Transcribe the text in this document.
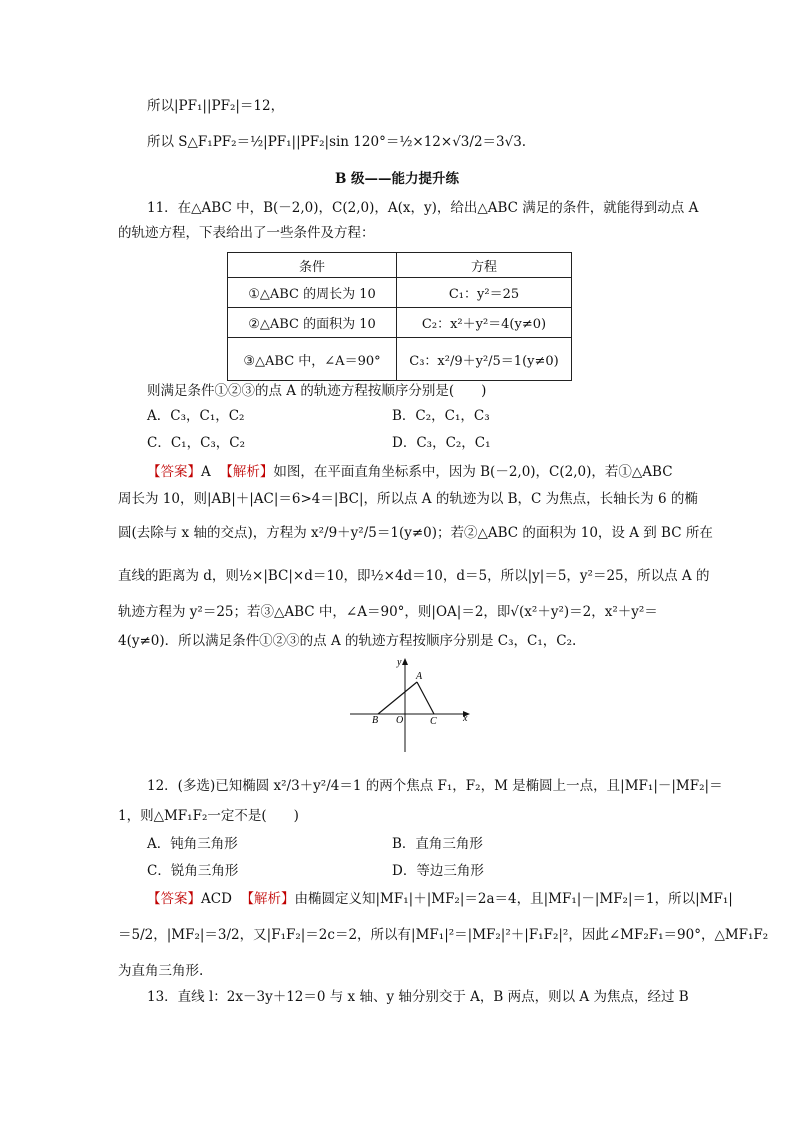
所以|PF₁||PF₂|＝12，
所以 S△F₁PF₂＝½|PF₁||PF₂|sin 120°＝½×12×√3/2＝3√3.
B 级——能力提升练
11．在△ABC 中，B(－2,0)，C(2,0)，A(x，y)，给出△ABC 满足的条件，就能得到动点 A
的轨迹方程，下表给出了一些条件及方程：
条件	方程
①△ABC 的周长为 10	C₁：y²＝25
②△ABC 的面积为 10	C₂：x²＋y²＝4(y≠0)
③△ABC 中，∠A＝90°	C₃：x²/9＋y²/5＝1(y≠0)
则满足条件①②③的点 A 的轨迹方程按顺序分别是(　　)
A．C₃，C₁，C₂	B．C₂，C₁，C₃
C．C₁，C₃，C₂	D．C₃，C₂，C₁
【答案】A 【解析】如图，在平面直角坐标系中，因为 B(－2,0)，C(2,0)，若①△ABC
周长为 10，则|AB|＋|AC|＝6>4＝|BC|，所以点 A 的轨迹为以 B，C 为焦点，长轴长为 6 的椭
圆(去除与 x 轴的交点)，方程为 x²/9＋y²/5＝1(y≠0)；若②△ABC 的面积为 10，设 A 到 BC 所在
直线的距离为 d，则½×|BC|×d＝10，即½×4d＝10，d＝5，所以|y|＝5，y²＝25，所以点 A 的
轨迹方程为 y²＝25；若③△ABC 中，∠A＝90°，则|OA|＝2，即√(x²＋y²)＝2，x²＋y²＝
4(y≠0)．所以满足条件①②③的点 A 的轨迹方程按顺序分别是 C₃，C₁，C₂.
y
x
A
B O	C
12．(多选)已知椭圆 x²/3＋y²/4＝1 的两个焦点 F₁，F₂，M 是椭圆上一点，且|MF₁|－|MF₂|＝
1，则△MF₁F₂一定不是(　　)
A．钝角三角形	B．直角三角形
C．锐角三角形	D．等边三角形
【答案】ACD 【解析】由椭圆定义知|MF₁|＋|MF₂|＝2a＝4，且|MF₁|－|MF₂|＝1，所以|MF₁|
＝5/2，|MF₂|＝3/2，又|F₁F₂|＝2c＝2，所以有|MF₁|²＝|MF₂|²＋|F₁F₂|²，因此∠MF₂F₁＝90°，△MF₁F₂
为直角三角形.
13．直线 l：2x－3y＋12＝0 与 x 轴、y 轴分别交于 A，B 两点，则以 A 为焦点，经过 B
